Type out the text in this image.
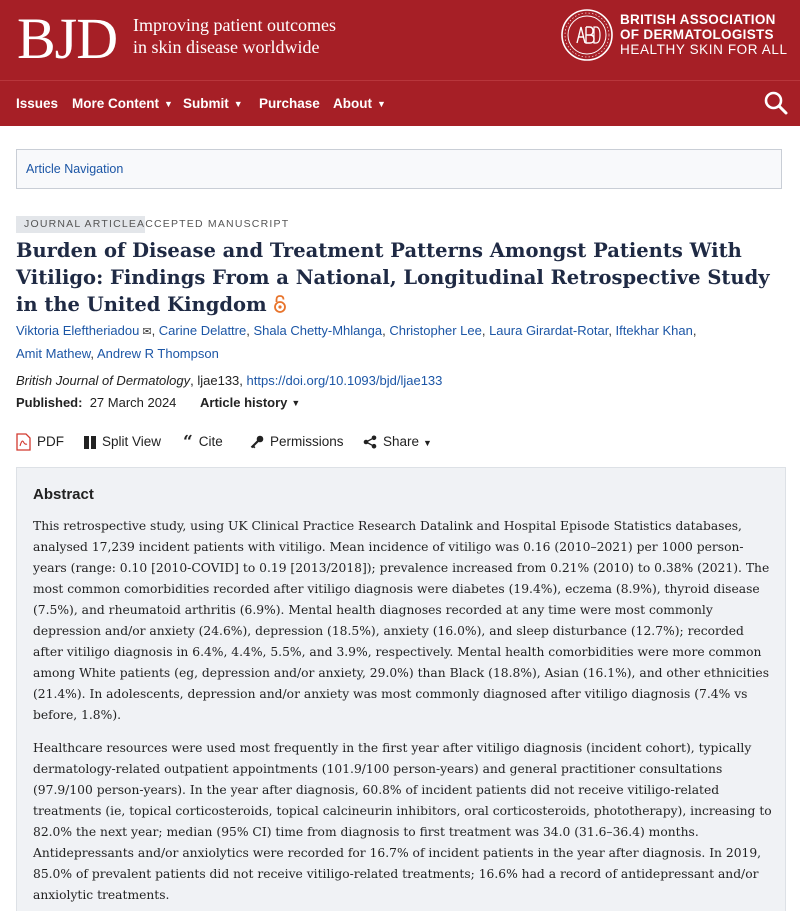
BJD Improving patient outcomes
in skin disease worldwide
BRITISH ASSOCIATION
OF DERMATOLOGISTS
HEALTHY SKIN FOR ALL
Issues More Content ▼ Submit ▼ Purchase About ▼
Article Navigation
JOURNAL ARTICLE ACCEPTED MANUSCRIPT
Burden of Disease and Treatment Patterns Amongst Patients With Vitiligo: Findings From a National, Longitudinal Retrospective Study in the United Kingdom
Viktoria Eleftheriadou ✉, Carine Delattre, Shala Chetty-Mhlanga, Christopher Lee, Laura Girardat-Rotar, Iftekhar Khan,
Amit Mathew, Andrew R Thompson
British Journal of Dermatology, ljae133, https://doi.org/10.1093/bjd/ljae133
Published: 27 March 2024 Article history ▼
PDF	Split View “ Cite	Permissions	Share ▼
Abstract

This retrospective study, using UK Clinical Practice Research Datalink and Hospital Episode Statistics databases, analysed 17,239 incident patients with vitiligo. Mean incidence of vitiligo was 0.16 (2010–2021) per 1000 person-years (range: 0.10 [2010-COVID] to 0.19 [2013/2018]); prevalence increased from 0.21% (2010) to 0.38% (2021). The most common comorbidities recorded after vitiligo diagnosis were diabetes (19.4%), eczema (8.9%), thyroid disease (7.5%), and rheumatoid arthritis (6.9%). Mental health diagnoses recorded at any time were most commonly depression and/or anxiety (24.6%), depression (18.5%), anxiety (16.0%), and sleep disturbance (12.7%); recorded after vitiligo diagnosis in 6.4%, 4.4%, 5.5%, and 3.9%, respectively. Mental health comorbidities were more common among White patients (eg, depression and/or anxiety, 29.0%) than Black (18.8%), Asian (16.1%), and other ethnicities (21.4%). In adolescents, depression and/or anxiety was most commonly diagnosed after vitiligo diagnosis (7.4% vs before, 1.8%).

Healthcare resources were used most frequently in the first year after vitiligo diagnosis (incident cohort), typically dermatology-related outpatient appointments (101.9/100 person-years) and general practitioner consultations (97.9/100 person-years). In the year after diagnosis, 60.8% of incident patients did not receive vitiligo-related treatments (ie, topical corticosteroids, topical calcineurin inhibitors, oral corticosteroids, phototherapy), increasing to 82.0% the next year; median (95% CI) time from diagnosis to first treatment was 34.0 (31.6–36.4) months. Antidepressants and/or anxiolytics were recorded for 16.7% of incident patients in the year after diagnosis. In 2019, 85.0% of prevalent patients did not receive vitiligo-related treatments; 16.6% had a record of antidepressant and/or anxiolytic treatments.
